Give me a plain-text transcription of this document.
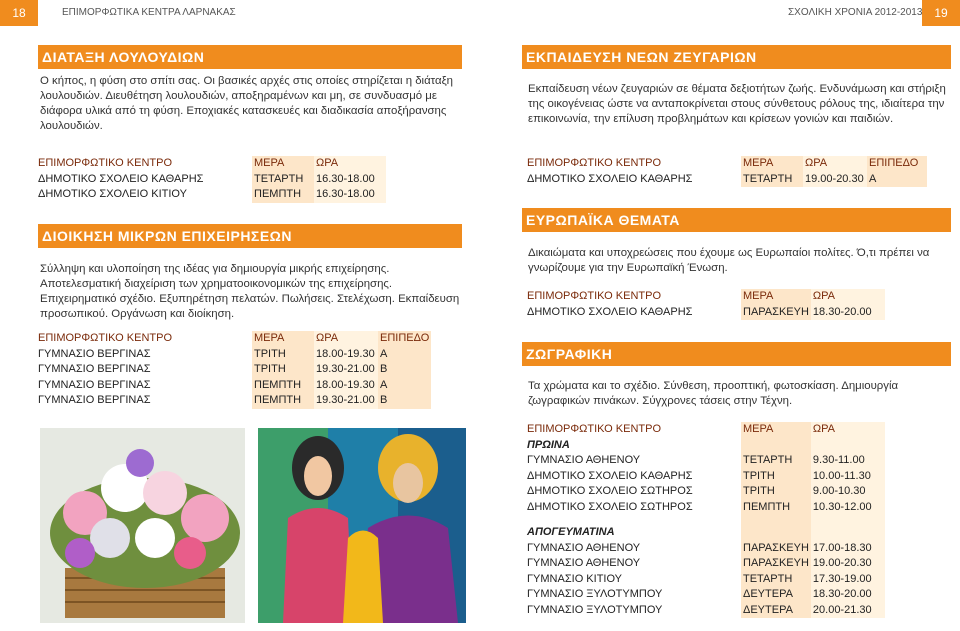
18	ΕΠΙΜΟΡΦΩΤΙΚΑ ΚΕΝΤΡΑ ΛΑΡΝΑΚΑΣ	ΣΧΟΛΙΚΗ ΧΡΟΝΙΑ 2012-2013 19
ΔΙΑΤΑΞΗ ΛΟΥΛΟΥΔΙΩΝ
Ο κήπος, η φύση στο σπίτι σας. Οι βασικές αρχές στις οποίες στηρίζεται η διάταξη λουλουδιών. Διευθέτηση λουλουδιών, αποξηραμένων και μη, σε συνδυασμό με διάφορα υλικά από τη φύση. Εποχιακές κατασκευές και διαδικασία αποξήρανσης λουλουδιών.
ΕΠΙΜΟΡΦΩΤΙΚΟ ΚΕΝΤΡΟ	ΜΕΡΑ	ΩΡΑ
ΔΗΜΟΤΙΚΟ ΣΧΟΛΕΙΟ ΚΑΘΑΡΗΣ	ΤΕΤΑΡΤΗ	16.30-18.00
ΔΗΜΟΤΙΚΟ ΣΧΟΛΕΙΟ ΚΙΤΙΟΥ	ΠΕΜΠΤΗ	16.30-18.00
ΔΙΟΙΚΗΣΗ ΜΙΚΡΩΝ ΕΠΙΧΕΙΡΗΣΕΩΝ
Σύλληψη και υλοποίηση της ιδέας για δημιουργία μικρής επιχείρησης. Αποτελεσματική διαχείριση των χρηματοοικονομικών της επιχείρησης. Επιχειρηματικό σχέδιο. Εξυπηρέτηση πελατών. Πωλήσεις. Στελέχωση. Εκπαίδευση προσωπικού. Οργάνωση και διοίκηση.
ΕΠΙΜΟΡΦΩΤΙΚΟ ΚΕΝΤΡΟ	ΜΕΡΑ	ΩΡΑ	ΕΠΙΠΕΔΟ
ΓΥΜΝΑΣΙΟ ΒΕΡΓΙΝΑΣ	ΤΡΙΤΗ	18.00-19.30	Α
ΓΥΜΝΑΣΙΟ ΒΕΡΓΙΝΑΣ	ΤΡΙΤΗ	19.30-21.00	Β
ΓΥΜΝΑΣΙΟ ΒΕΡΓΙΝΑΣ	ΠΕΜΠΤΗ	18.00-19.30	Α
ΓΥΜΝΑΣΙΟ ΒΕΡΓΙΝΑΣ	ΠΕΜΠΤΗ	19.30-21.00	Β
ΕΚΠΑΙΔΕΥΣΗ ΝΕΩΝ ΖΕΥΓΑΡΙΩΝ
Εκπαίδευση νέων ζευγαριών σε θέματα δεξιοτήτων ζωής. Ενδυνάμωση και στήριξη της οικογένειας ώστε να ανταποκρίνεται στους σύνθετους ρόλους της, ιδιαίτερα την επικοινωνία, την επίλυση προβλημάτων και κρίσεων γονιών και παιδιών.
ΕΠΙΜΟΡΦΩΤΙΚΟ ΚΕΝΤΡΟ	ΜΕΡΑ	ΩΡΑ	ΕΠΙΠΕΔΟ
ΔΗΜΟΤΙΚΟ ΣΧΟΛΕΙΟ ΚΑΘΑΡΗΣ	ΤΕΤΑΡΤΗ	19.00-20.30	Α
ΕΥΡΩΠΑΪΚΑ ΘΕΜΑΤΑ
Δικαιώματα και υποχρεώσεις που έχουμε ως Ευρωπαίοι πολίτες. Ό,τι πρέπει να γνωρίζουμε για την Ευρωπαϊκή Ένωση.
ΕΠΙΜΟΡΦΩΤΙΚΟ ΚΕΝΤΡΟ	ΜΕΡΑ	ΩΡΑ
ΔΗΜΟΤΙΚΟ ΣΧΟΛΕΙΟ ΚΑΘΑΡΗΣ	ΠΑΡΑΣΚΕΥΗ	18.30-20.00
ΖΩΓΡΑΦΙΚΗ
Τα χρώματα και το σχέδιο. Σύνθεση, προοπτική, φωτοσκίαση. Δημιουργία ζωγραφικών πινάκων. Σύγχρονες τάσεις στην Τέχνη.
ΕΠΙΜΟΡΦΩΤΙΚΟ ΚΕΝΤΡΟ	ΜΕΡΑ	ΩΡΑ
ΠΡΩΙΝΑ		
ΓΥΜΝΑΣΙΟ ΑΘΗΕΝΟΥ	ΤΕΤΑΡΤΗ	9.30-11.00
ΔΗΜΟΤΙΚΟ ΣΧΟΛΕΙΟ ΚΑΘΑΡΗΣ	ΤΡΙΤΗ	10.00-11.30
ΔΗΜΟΤΙΚΟ ΣΧΟΛΕΙΟ ΣΩΤΗΡΟΣ	ΤΡΙΤΗ	9.00-10.30
ΔΗΜΟΤΙΚΟ ΣΧΟΛΕΙΟ ΣΩΤΗΡΟΣ	ΠΕΜΠΤΗ	10.30-12.00

ΑΠΟΓΕΥΜΑΤΙΝΑ		
ΓΥΜΝΑΣΙΟ ΑΘΗΕΝΟΥ	ΠΑΡΑΣΚΕΥΗ	17.00-18.30
ΓΥΜΝΑΣΙΟ ΑΘΗΕΝΟΥ	ΠΑΡΑΣΚΕΥΗ	19.00-20.30
ΓΥΜΝΑΣΙΟ ΚΙΤΙΟΥ	ΤΕΤΑΡΤΗ	17.30-19.00
ΓΥΜΝΑΣΙΟ ΞΥΛΟΤΥΜΠΟΥ	ΔΕΥΤΕΡΑ	18.30-20.00
ΓΥΜΝΑΣΙΟ ΞΥΛΟΤΥΜΠΟΥ	ΔΕΥΤΕΡΑ	20.00-21.30
